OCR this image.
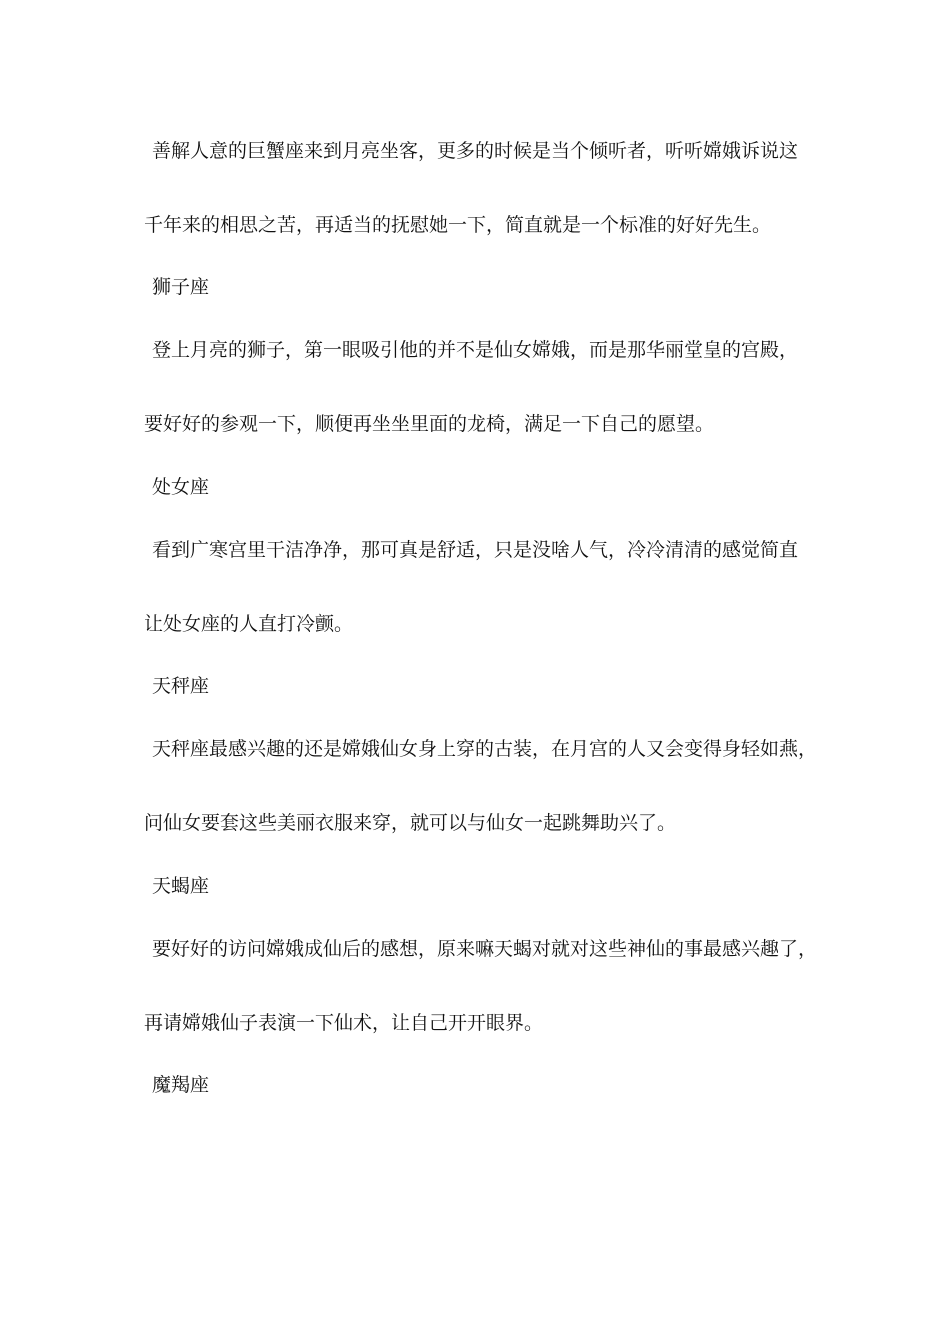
善解人意的巨蟹座来到月亮坐客，更多的时候是当个倾听者，听听嫦娥诉说这
千年来的相思之苦，再适当的抚慰她一下，简直就是一个标准的好好先生。
狮子座
登上月亮的狮子，第一眼吸引他的并不是仙女嫦娥，而是那华丽堂皇的宫殿，
要好好的参观一下，顺便再坐坐里面的龙椅，满足一下自己的愿望。
处女座
看到广寒宫里干洁净净，那可真是舒适，只是没啥人气，冷冷清清的感觉简直
让处女座的人直打冷颤。
天秤座
天秤座最感兴趣的还是嫦娥仙女身上穿的古装，在月宫的人又会变得身轻如燕，
问仙女要套这些美丽衣服来穿，就可以与仙女一起跳舞助兴了。
天蝎座
要好好的访问嫦娥成仙后的感想，原来嘛天蝎对就对这些神仙的事最感兴趣了，
再请嫦娥仙子表演一下仙术，让自己开开眼界。
魔羯座
